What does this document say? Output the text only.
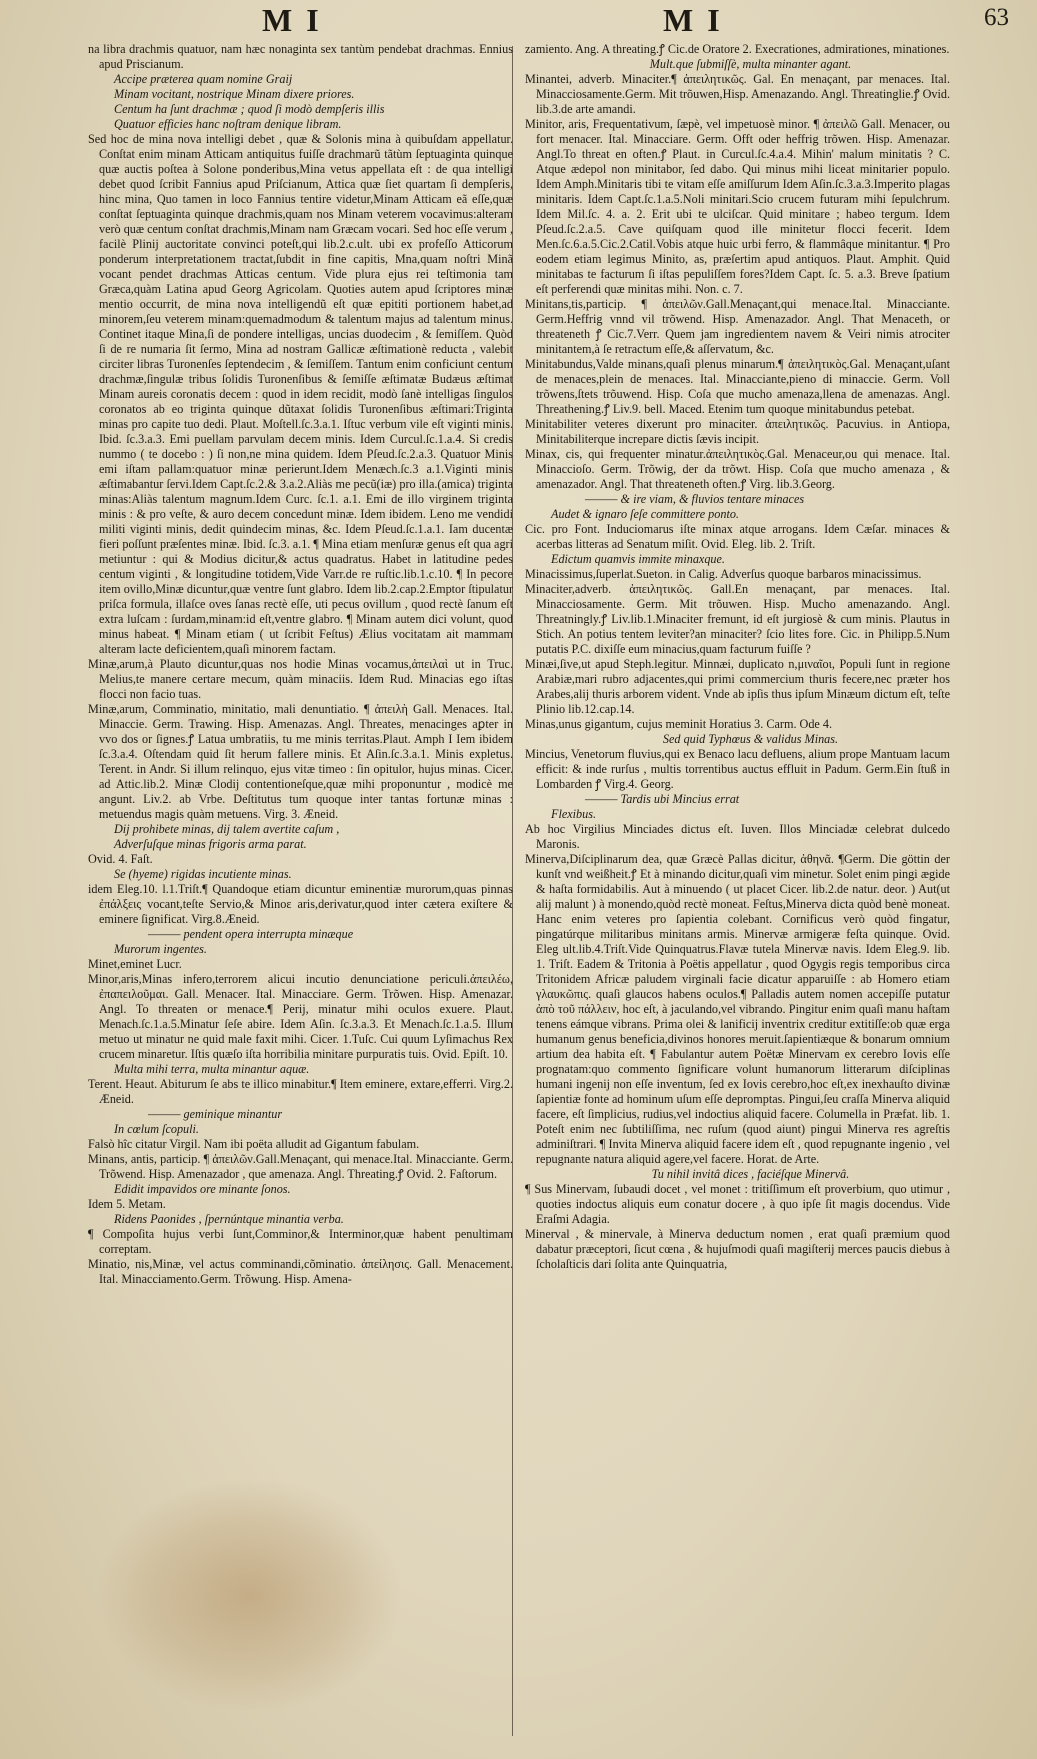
MI	MI	63

na libra drachmis quatuor, nam hæc nonaginta sex tantùm pendebat drachmas. Ennius apud Priscianum.

Accipe præterea quam nomine Graij

Minam vocitant, nostrique Minam dixere priores.

Centum ha ſunt drachmæ ; quod ſi modò dempſeris illis

Quatuor efficies hanc noſtram denique libram.

Sed hoc de mina nova intelligi debet , quæ & Solonis mina à quibuſdam appellatur. Conſtat enim minam Atticam antiquitus fuiſſe drachmarũ tãtùm ſeptuaginta quinque quæ auctis poſtea à Solone ponderibus,Mina vetus appellata eſt : de qua intelligi debet quod ſcribit Fannius apud Priſcianum, Attica quæ ſiet quartam ſi dempſeris, hinc mina, Quo tamen in loco Fannius tentire videtur,Minam Atticam eã eſſe,quæ conſtat ſeptuaginta quinque drachmis,quam nos Minam veterem vocavimus:alteram verò quæ centum conſtat drachmis,Minam nam Græcam vocari. Sed hoc eſſe verum , facilè Plinij auctoritate convinci poteſt,qui lib.2.c.ult. ubi ex profeſſo Atticorum ponderum interpretationem tractat,ſubdit in fine capitis, Mna,quam noſtri Minã vocant pendet drachmas Atticas centum. Vide plura ejus rei teſtimonia tam Græca,quàm Latina apud Georg Agricolam. Quoties autem apud ſcriptores minæ mentio occurrit, de mina nova intelligendũ eſt quæ epititi portionem habet,ad minorem,ſeu veterem minam:quemadmodum & talentum majus ad talentum minus. Continet itaque Mina,ſi de pondere intelligas, uncias duodecim , & ſemiſſem. Quòd ſi de re numaria ſit ſermo, Mina ad nostram Gallicæ æſtimationè reducta , valebit circiter libras Turonenſes ſeptendecim , & ſemiſſem. Tantum enim conficiunt centum drachmæ,ſingulæ tribus ſolidis Turonenſibus & ſemiſſe æſtimatæ Budæus æſtimat Minam aureis coronatis decem : quod in idem recidit, modò ſanè intelligas ſingulos coronatos ab eo triginta quinque dũtaxat ſolidis Turonenſibus æſtimari:Triginta minas pro capite tuo dedi. Plaut. Moſtell.ſc.3.a.1. Iſtuc verbum vile eſt viginti minis. Ibid. ſc.3.a.3. Emi puellam parvulam decem minis. Idem Curcul.ſc.1.a.4. Si credis nummo ( te docebo : ) ſi non,ne mina quidem. Idem Pſeud.ſc.2.a.3. Quatuor Minis emi iſtam pallam:quatuor minæ perierunt.Idem Menæch.ſc.3 a.1.Viginti minis æſtimabantur ſervi.Idem Capt.ſc.2.& 3.a.2.Aliàs me pecũ(iæ) pro illa.(amica) triginta minas:Aliàs talentum magnum.Idem Curc. ſc.1. a.1. Emi de illo virginem triginta minis : & pro veſte, & auro decem concedunt minæ. Idem ibidem. Leno me vendidi militi viginti minis, dedit quindecim minas, &c. Idem Pſeud.ſc.1.a.1. Iam ducentæ fieri poſſunt præſentes minæ. Ibid. ſc.3. a.1. ¶ Mina etiam menſuræ genus eſt qua agri metiuntur : qui & Modius dicitur,& actus quadratus. Habet in latitudine pedes centum viginti , & longitudine totidem,Vide Varr.de re ruſtic.lib.1.c.10. ¶ In pecore item ovillo,Minæ dicuntur,quæ ventre ſunt glabro. Idem lib.2.cap.2.Emptor ſtipulatur priſca formula, illaſce oves ſanas rectè eſſe, uti pecus ovillum , quod rectè ſanum eſt extra luſcam : ſurdam,minam:id eſt,ventre glabro. ¶ Minam autem dici volunt, quod minus habeat. ¶ Minam etiam ( ut ſcribit Feſtus) Ælius vocitatam ait mammam alteram lacte deficientem,quaſi minorem factam.

Minæ,arum,à Plauto dicuntur,quas nos hodie Minas vocamus,ἀπειλαὶ ut in Truc. Melius,te manere certare mecum, quàm minaciis. Idem Rud. Minacias ego iſtas flocci non facio tuas.

Minæ,arum, Comminatio, minitatio, mali denuntiatio. ¶ ἀπειλὴ Gall. Menaces. Ital. Minaccie. Germ. Trawing. Hisp. Amenazas. Angl. Threates, menacinges aꝑter in vvo dos or ſignes.ꝭ Latua umbratiis, tu me minis territas.Plaut. Amph I Iem ibidem ſc.3.a.4. Oſtendam quid ſit herum fallere minis. Et Aſin.ſc.3.a.1. Minis expletus. Terent. in Andr. Si illum relinquo, ejus vitæ timeo : ſin opitulor, hujus minas. Cicer. ad Attic.lib.2. Minæ Clodij contentioneſque,quæ mihi proponuntur , modicè me angunt. Liv.2. ab Vrbe. Deſtitutus tum quoque inter tantas fortunæ minas : metuendus magis quàm metuens. Virg. 3. Æneid.

Dij prohibete minas, dij talem avertite caſum ,

Adverſuſque minas frigoris arma parat.

Ovid. 4. Faſt.

Se (hyeme) rigidas incutiente minas.

idem Eleg.10. l.1.Triſt.¶ Quandoque etiam dicuntur eminentiæ murorum,quas pinnas ἐπάλξεις vocant,teſte Servio,& Minoε aris,derivatur,quod inter cætera exiſtere & eminere ſignificat. Virg.8.Æneid.

——— pendent opera interrupta minæque

Murorum ingentes.

Minet,eminet Lucr.

Minor,aris,Minas infero,terrorem alicui incutio denunciatione periculi.ἀπειλέω, ἐπαπειλοῦμαι. Gall. Menacer. Ital. Minacciare. Germ. Trõwen. Hisp. Amenazar. Angl. To threaten or menace.¶ Perij, minatur mihi oculos exuere. Plaut. Menach.ſc.1.a.5.Minatur ſeſe abire. Idem Aſin. ſc.3.a.3. Et Menach.ſc.1.a.5. Illum metuo ut minatur ne quid male faxit mihi. Cicer. 1.Tuſc. Cui quum Lyſimachus Rex crucem minaretur. Iſtis quæſo iſta horribilia minitare purpuratis tuis. Ovid. Epiſt. 10.

Multa mihi terra, multa minantur aquæ.

Terent. Heaut. Abiturum ſe abs te illico minabitur.¶ Item eminere, extare,efferri. Virg.2. Æneid.

——— geminique minantur

In cœlum ſcopuli.

Falsò hîc citatur Virgil. Nam ibi poëta alludit ad Gigantum fabulam.

Minans, antis, particip. ¶ ἀπειλῶν.Gall.Menaçant, qui menace.Ital. Minacciante. Germ. Trõwend. Hisp. Amenazador , que amenaza. Angl. Threating.ꝭ Ovid. 2. Faſtorum.

Edidit impavidos ore minante ſonos.

Idem 5. Metam.

Ridens Paonides , ſpernúntque minantia verba.

¶ Compoſita hujus verbi ſunt,Comminor,& Interminor,quæ habent penultimam correptam.

Minatio, nis,Minæ, vel actus comminandi,cõminatio. ἀπείλησις. Gall. Menacement. Ital. Minacciamento.Germ. Trõwung. Hisp. Amena-

zamiento. Ang. A threating.ꝭ Cic.de Oratore 2. Execrationes, admirationes, minationes.

Mult.que ſubmiſſè, multa minanter agant.

Minantei, adverb. Minaciter.¶ ἀπειλητικῶς. Gal. En menaçant, par menaces. Ital. Minacciosamente.Germ. Mit trõuwen,Hisp. Amenazando. Angl. Threatinglie.ꝭ Ovid. lib.3.de arte amandi.

Minitor, aris, Frequentativum, ſæpè, vel impetuosè minor. ¶ ἀπειλῶ Gall. Menacer, ou fort menacer. Ital. Minacciare. Germ. Offt oder heffrig trõwen. Hisp. Amenazar. Angl.To threat en often.ꝭ Plaut. in Curcul.ſc.4.a.4. Mihin' malum minitatis ? C. Atque ædepol non minitabor, ſed dabo. Qui minus mihi liceat minitarier populo. Idem Amph.Minitaris tibi te vitam eſſe amiſſurum Idem Aſin.ſc.3.a.3.Imperito plagas minitaris. Idem Capt.ſc.1.a.5.Noli minitari.Scio crucem futuram mihi ſepulchrum. Idem Mil.ſc. 4. a. 2. Erit ubi te ulciſcar. Quid minitare ; habeo tergum. Idem Pſeud.ſc.2.a.5. Cave quiſquam quod ille minitetur flocci fecerit. Idem Men.ſc.6.a.5.Cic.2.Catil.Vobis atque huic urbi ferro, & flammâque minitantur. ¶ Pro eodem etiam legimus Minito, as, præſertim apud antiquos. Plaut. Amphit. Quid minitabas te facturum ſi iſtas pepuliſſem fores?Idem Capt. ſc. 5. a.3. Breve ſpatium eſt perferendi quæ minitas mihi. Non. c. 7.

Minitans,tis,particip. ¶ ἀπειλῶν.Gall.Menaçant,qui menace.Ital. Minacciante. Germ.Heffrig vnnd vil trõwend. Hisp. Amenazador. Angl. That Menaceth, or threateneth ꝭ Cic.7.Verr. Quem jam ingredientem navem & Veiri nimis atrociter minitantem,à ſe retractum eſſe,& aſſervatum, &c.

Minitabundus,Valde minans,quaſi plenus minarum.¶ ἀπειλητικὸς.Gal. Menaçant,uſant de menaces,plein de menaces. Ital. Minacciante,pieno di minaccie. Germ. Voll trõwens,ſtets trõuwend. Hisp. Coſa que mucho amenaza,llena de amenazas. Angl. Threathening.ꝭ Liv.9. bell. Maced. Etenim tum quoque minitabundus petebat.

Minitabiliter veteres dixerunt pro minaciter. ἀπειλητικῶς. Pacuvius. in Antiopa, Minitabiliterque increpare dictis ſævis incipit.

Minax, cis, qui frequenter minatur.ἀπειλητικὸς.Gal. Menaceur,ou qui menace. Ital. Minaccioſo. Germ. Trõwig, der da trõwt. Hisp. Coſa que mucho amenaza , & amenazador. Angl. That threateneth often.ꝭ Virg. lib.3.Georg.

——— & ire viam, & fluvios tentare minaces

Audet & ignaro ſeſe committere ponto.

Cic. pro Font. Induciomarus iſte minax atque arrogans. Idem Cæſar. minaces & acerbas litteras ad Senatum miſit. Ovid. Eleg. lib. 2. Triſt.

Edictum quamvis immite minaxque.

Minacissimus,ſuperlat.Sueton. in Calig. Adverſus quoque barbaros minacissimus.

Minaciter,adverb. ἀπειλητικῶς. Gall.En menaçant, par menaces. Ital. Minacciosamente. Germ. Mit trõuwen. Hisp. Mucho amenazando. Angl. Threatningly.ꝭ Liv.lib.1.Minaciter fremunt, id eſt jurgiosè & cum minis. Plautus in Stich. An potius tentem leviter?an minaciter? ſcio lites fore. Cic. in Philipp.5.Num putatis P.C. dixiſſe eum minacius,quam facturum fuiſſe ?

Minæi,ſive,ut apud Steph.legitur. Minnæi, duplicato n,μιναῖοι, Populi ſunt in regione Arabiæ,mari rubro adjacentes,qui primi commercium thuris fecere,nec præter hos Arabes,alij thuris arborem vident. Vnde ab ipſis thus ipſum Minæum dictum eſt, teſte Plinio lib.12.cap.14.

Minas,unus gigantum, cujus meminit Horatius 3. Carm. Ode 4.

Sed quid Typhœus & validus Minas.

Mincius, Venetorum fluvius,qui ex Benaco lacu defluens, alium prope Mantuam lacum efficit: & inde rurſus , multis torrentibus auctus effluit in Padum. Germ.Ein ſtuß in Lombarden ꝭ Virg.4. Georg.

——— Tardis ubi Mincius errat

Flexibus.

Ab hoc Virgilius Minciades dictus eſt. Iuven. Illos Minciadæ celebrat dulcedo Maronis.

Minerva,Diſciplinarum dea, quæ Græcè Pallas dicitur, ἀθηνᾶ. ¶Germ. Die göttin der kunſt vnd weißheit.ꝭ Et à minando dicitur,quaſi vim minetur. Solet enim pingi ægide & haſta formidabilis. Aut à minuendo ( ut placet Cicer. lib.2.de natur. deor. ) Aut(ut alij malunt ) à monendo,quòd rectè moneat. Feſtus,Minerva dicta quòd benè moneat. Hanc enim veteres pro ſapientia colebant. Cornificus verò quòd fingatur, pingatúrque militaribus minitans armis. Minervæ armigeræ feſta quinque. Ovid. Eleg ult.lib.4.Triſt.Vide Quinquatrus.Flavæ tutela Minervæ navis. Idem Eleg.9. lib. 1. Triſt. Eadem & Tritonia à Poëtis appellatur , quod Ogygis regis temporibus circa Tritonidem Africæ paludem virginali facie dicatur apparuiſſe : ab Homero etiam γλαυκῶπις. quaſi glaucos habens oculos.¶ Palladis autem nomen accepiſſe putatur ἀπὸ τοῦ πάλλειν, hoc eſt, à jaculando,vel vibrando. Pingitur enim quaſi manu haſtam tenens eámque vibrans. Prima olei & lanificij inventrix creditur extitiſſe:ob quæ erga humanum genus beneficia,divinos honores meruit.ſapientiæque & bonarum omnium artium dea habita eſt. ¶ Fabulantur autem Poëtæ Minervam ex cerebro Iovis eſſe prognatam:quo commento ſignificare volunt humanorum litterarum diſciplinas humani ingenij non eſſe inventum, ſed ex Iovis cerebro,hoc eſt,ex inexhauſto divinæ ſapientiæ fonte ad hominum uſum eſſe depromptas. Pingui,ſeu craſſa Minerva aliquid facere, eſt ſimplicius, rudius,vel indoctius aliquid facere. Columella in Præfat. lib. 1. Poteſt enim nec ſubtiliſſima, nec ruſum (quod aiunt) pingui Minerva res agreſtis adminiſtrari. ¶ Invita Minerva aliquid facere idem eſt , quod repugnante ingenio , vel repugnante natura aliquid agere,vel facere. Horat. de Arte.

Tu nihil invitâ dices , faciéſque Minervâ.

¶ Sus Minervam, ſubaudi docet , vel monet : tritiſſimum eſt proverbium, quo utimur , quoties indoctus aliquis eum conatur docere , à quo ipſe ſit magis docendus. Vide Eraſmi Adagia.

Minerval , & minervale, à Minerva deductum nomen , erat quaſi præmium quod dabatur præceptori, ſicut cœna , & hujuſmodi quaſi magiſterij merces paucis diebus à ſcholaſticis dari ſolita ante Quinquatria,
